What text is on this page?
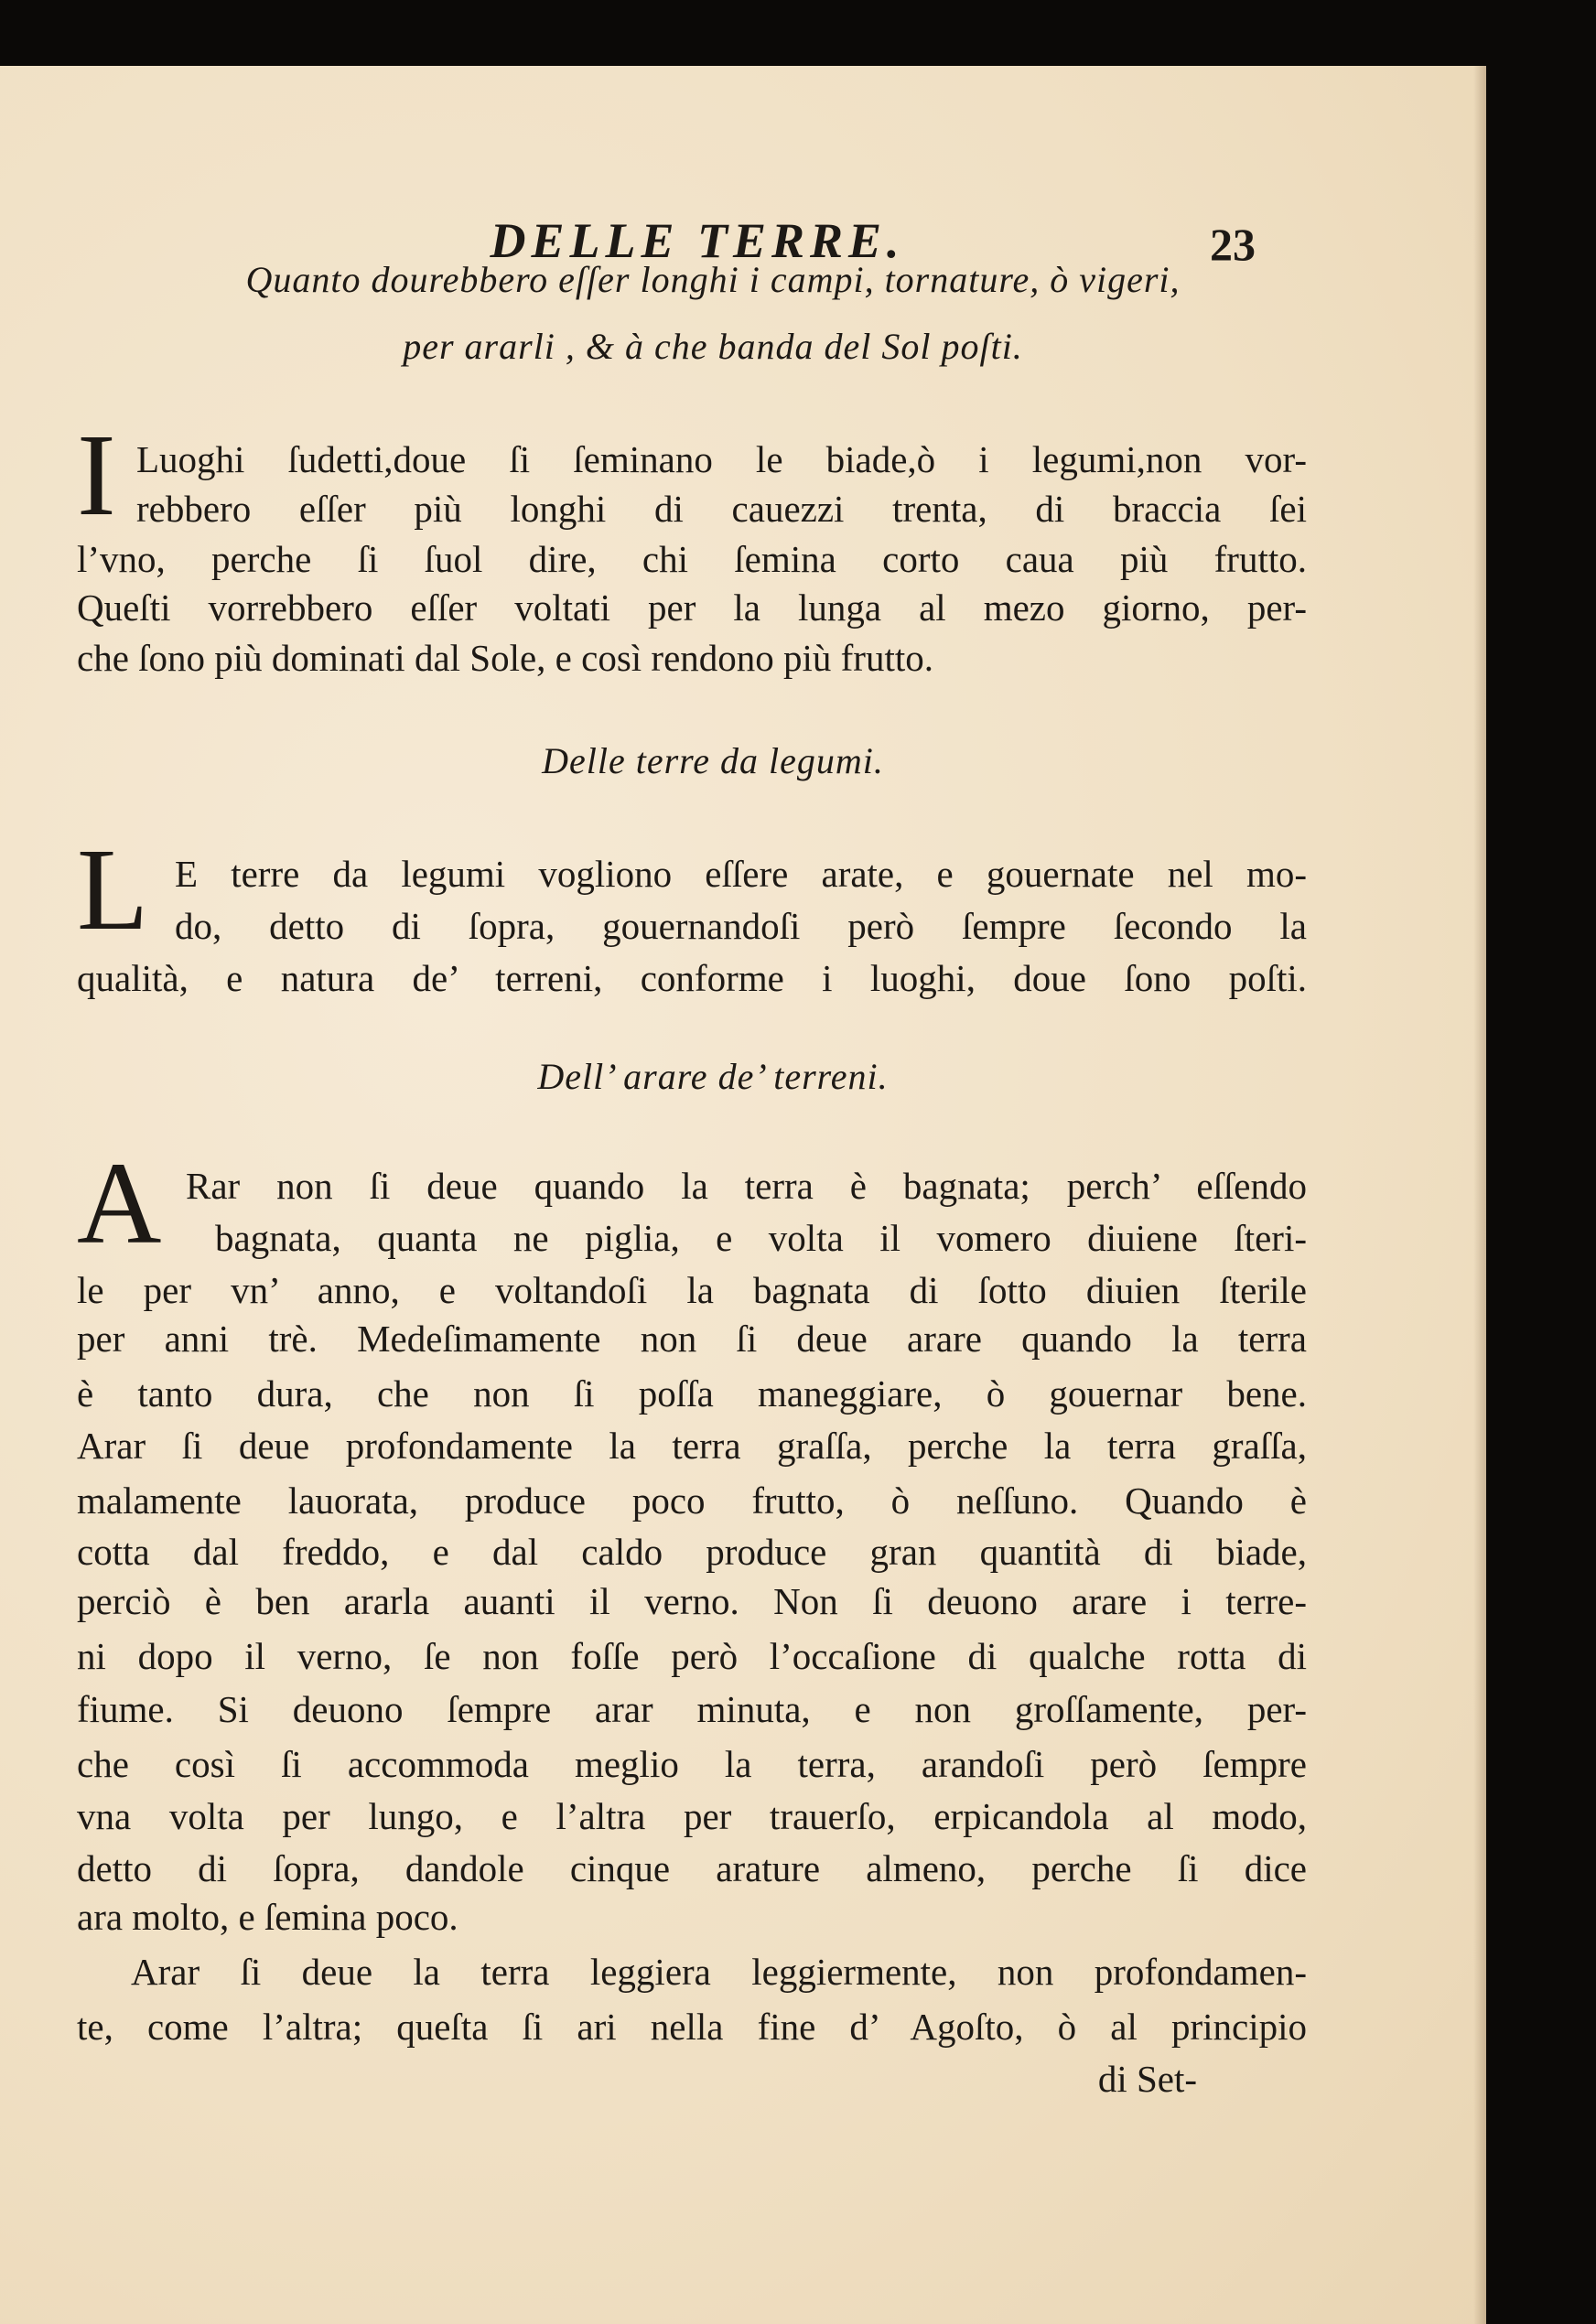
DELLE TERRE.	23
Quanto dourebbero eſſer longhi i campi, tornature, ò vigeri,
per ararli , & à che banda del Sol poſti.
I Luoghi ſudetti,doue ſi ſeminano le biade,ò i legumi,non vor-
rebbero eſſer più longhi di cauezzi trenta, di braccia ſei
l’vno, perche ſi ſuol dire, chi ſemina corto caua più frutto.
Queſti vorrebbero eſſer voltati per la lunga al mezo giorno, per-
che ſono più dominati dal Sole, e così rendono più frutto.
Delle terre da legumi.
L E terre da legumi vogliono eſſere arate, e gouernate nel mo-
do, detto di ſopra, gouernandoſi però ſempre ſecondo la
qualità, e natura de’ terreni, conforme i luoghi, doue ſono poſti.
Dell’ arare de’ terreni.
A Rar non ſi deue quando la terra è bagnata; perch’ eſſendo
bagnata, quanta ne piglia, e volta il vomero diuiene ſteri-
le per vn’ anno, e voltandoſi la bagnata di ſotto diuien ſterile
per anni trè. Medeſimamente non ſi deue arare quando la terra
è tanto dura, che non ſi poſſa maneggiare, ò gouernar bene.
Arar ſi deue profondamente la terra graſſa, perche la terra graſſa,
malamente lauorata, produce poco frutto, ò neſſuno. Quando è
cotta dal freddo, e dal caldo produce gran quantità di biade,
perciò è ben ararla auanti il verno. Non ſi deuono arare i terre-
ni dopo il verno, ſe non foſſe però l’occaſione di qualche rotta di
fiume. Si deuono ſempre arar minuta, e non groſſamente, per-
che così ſi accommoda meglio la terra, arandoſi però ſempre
vna volta per lungo, e l’altra per trauerſo, erpicandola al modo,
detto di ſopra, dandole cinque arature almeno, perche ſi dice
ara molto, e ſemina poco.
Arar ſi deue la terra leggiera leggiermente, non profondamen-
te, come l’altra; queſta ſi ari nella fine d’ Agoſto, ò al principio
di Set-
